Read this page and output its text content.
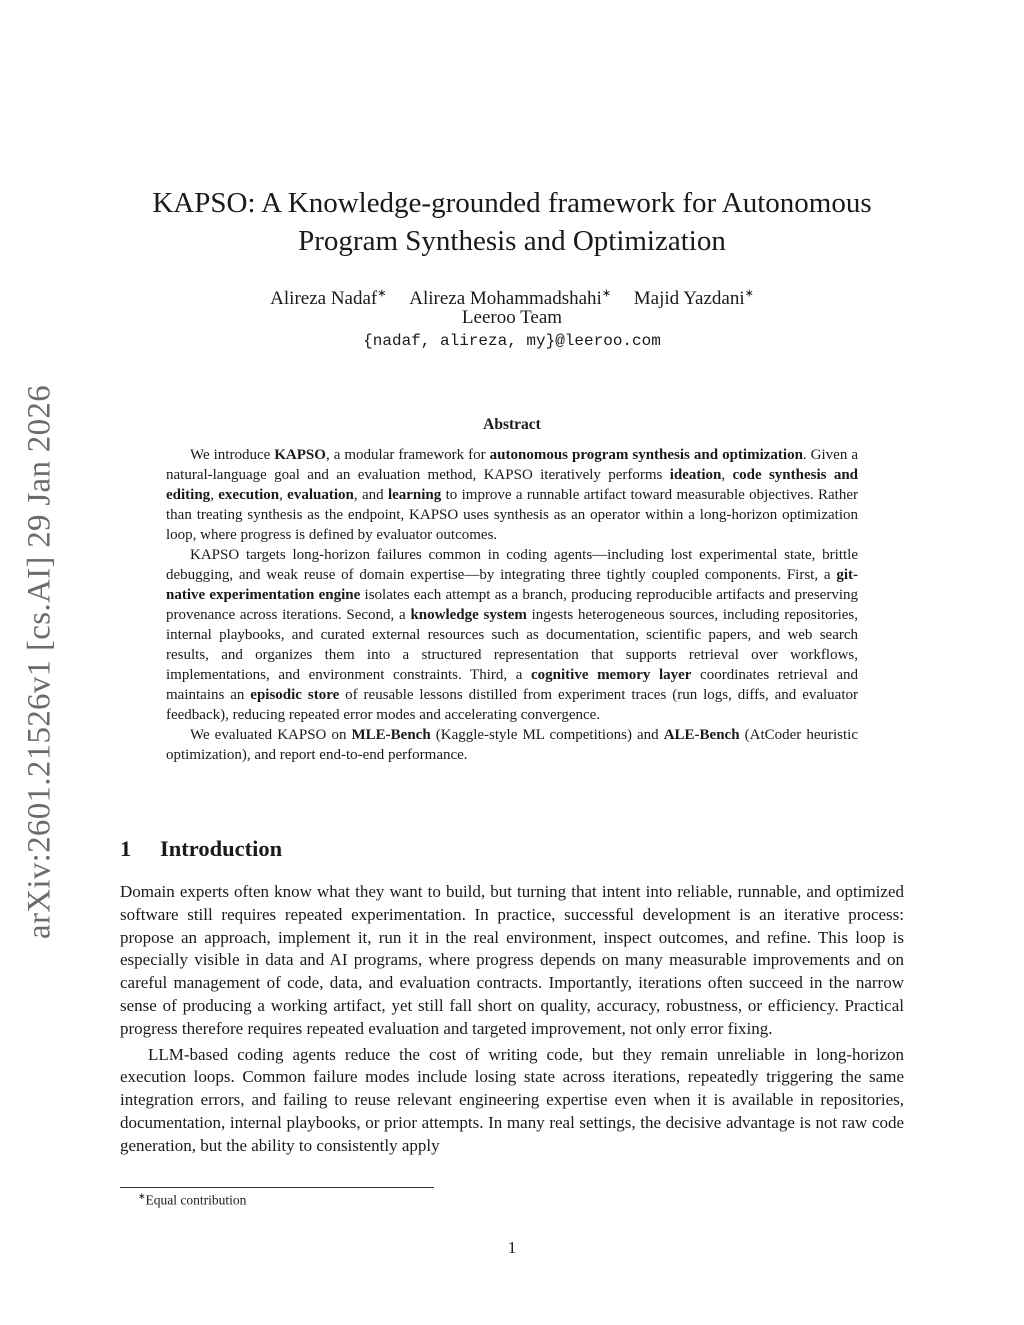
arXiv:2601.21526v1 [cs.AI] 29 Jan 2026
KAPSO: A Knowledge-grounded framework for Autonomous
Program Synthesis and Optimization
Alireza Nadaf∗ Alireza Mohammadshahi∗ Majid Yazdani∗
Leeroo Team
{nadaf, alireza, my}@leeroo.com
Abstract

We introduce KAPSO, a modular framework for autonomous program synthesis and optimization. Given a natural-language goal and an evaluation method, KAPSO iteratively performs ideation, code synthesis and editing, execution, evaluation, and learning to improve a runnable artifact toward measurable objectives. Rather than treating synthesis as the endpoint, KAPSO uses synthesis as an operator within a long-horizon optimization loop, where progress is defined by evaluator outcomes.

KAPSO targets long-horizon failures common in coding agents—including lost experimental state, brittle debugging, and weak reuse of domain expertise—by integrating three tightly coupled components. First, a git-native experimentation engine isolates each attempt as a branch, producing reproducible artifacts and preserving provenance across iterations. Second, a knowledge system ingests heterogeneous sources, including repositories, internal playbooks, and curated external resources such as documentation, scientific papers, and web search results, and organizes them into a structured representation that supports retrieval over workflows, implementations, and environment constraints. Third, a cognitive memory layer coordinates retrieval and maintains an episodic store of reusable lessons distilled from experiment traces (run logs, diffs, and evaluator feedback), reducing repeated error modes and accelerating convergence.

We evaluated KAPSO on MLE-Bench (Kaggle-style ML competitions) and ALE-Bench (AtCoder heuristic optimization), and report end-to-end performance.

1 Introduction

Domain experts often know what they want to build, but turning that intent into reliable, runnable, and optimized software still requires repeated experimentation. In practice, successful development is an iterative process: propose an approach, implement it, run it in the real environment, inspect outcomes, and refine. This loop is especially visible in data and AI programs, where progress depends on many measurable improvements and on careful management of code, data, and evaluation contracts. Importantly, iterations often succeed in the narrow sense of producing a working artifact, yet still fall short on quality, accuracy, robustness, or efficiency. Practical progress therefore requires repeated evaluation and targeted improvement, not only error fixing.

LLM-based coding agents reduce the cost of writing code, but they remain unreliable in long-horizon execution loops. Common failure modes include losing state across iterations, repeatedly triggering the same integration errors, and failing to reuse relevant engineering expertise even when it is available in repositories, documentation, internal playbooks, or prior attempts. In many real settings, the decisive advantage is not raw code generation, but the ability to consistently apply

∗Equal contribution
1
